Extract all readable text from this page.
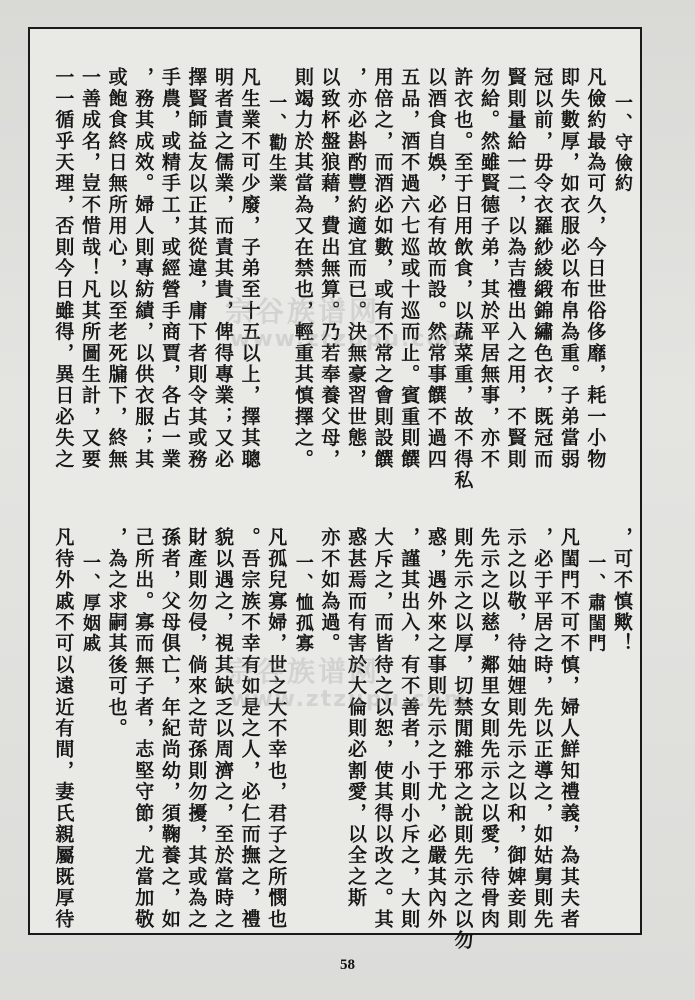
一、守儉約
凡儉約最為可久，今日世俗侈靡，耗一小物
即失數厚，如衣服必以布帛為重。子弟當弱
冠以前，毋令衣羅紗綾緞錦繡色衣，既冠而
賢則量給一二，以為吉禮出入之用，不賢則
勿給。然雖賢德子弟，其於平居無事，亦不
許衣也。至于日用飲食，以蔬菜重，故不得私
以酒食自娛，必有故而設。然常事饌不過四
五品，酒不過六七巡或十巡而止。賓重則饌
用倍之，而酒必如數，或有不常之會則設饌
，亦必斟酌豐約適宜而已。決無豪習世態，
以致杯盤狼藉，費出無算。乃若奉養父母，
則竭力於其當為又在禁也，輕重其慎擇之。
一、勸生業
凡生業不可少廢，子弟至十五以上，擇其聰
明者責之儒業，而責其貴，俾得專業；又必
擇賢師益友以正其從違，庸下者則令其或務
手農，或精手工，或經營手商賈，各占一業
，務其成效。婦人則專紡績，以供衣服；其
或飽食終日無所用心，以至老死牖下，終無
一善成名，豈不惜哉！凡其所圖生計，又要
一一循乎天理，否則今日雖得，異日必失之
，可不慎歟！
一、肅閨門
凡閨門不可不慎，婦人鮮知禮義，為其夫者
，必于平居之時，先以正導之，如姑舅則先
示之以敬，待妯娌則先示之以和，御婢妾則
先示之以慈，鄰里女則先示之以愛，待骨肉
則先示之以厚，切禁閒雜邪之說則先示之以勿
惑，遇外來之事則先示之于尤，必嚴其內外
，謹其出入，有不善者，小則小斥之，大則
大斥之，而皆待之以恕，使其得以改之。其
惑甚焉而有害於大倫則必割愛，以全之斯
亦不如為過。
一、恤孤寡
凡孤兒寡婦，世之大不幸也，君子之所憫也
。吾宗族不幸有如是之人，必仁而撫之，禮
貌以遇之，視其缺乏以周濟之，至於當時之
財產則勿侵，倘來之苛孫則勿擾，其或為之
孫者，父母俱亡，年紀尚幼，須鞠養之，如
己所出。寡而無子者，志堅守節，尤當加敬
，為之求嗣其後可也。
一、厚姻戚
凡待外戚不可以遠近有間，妻氏親屬既厚待
宗谷族谱网
www.ztzupu.com
宗谷族谱网
www.ztzupu.com
58
